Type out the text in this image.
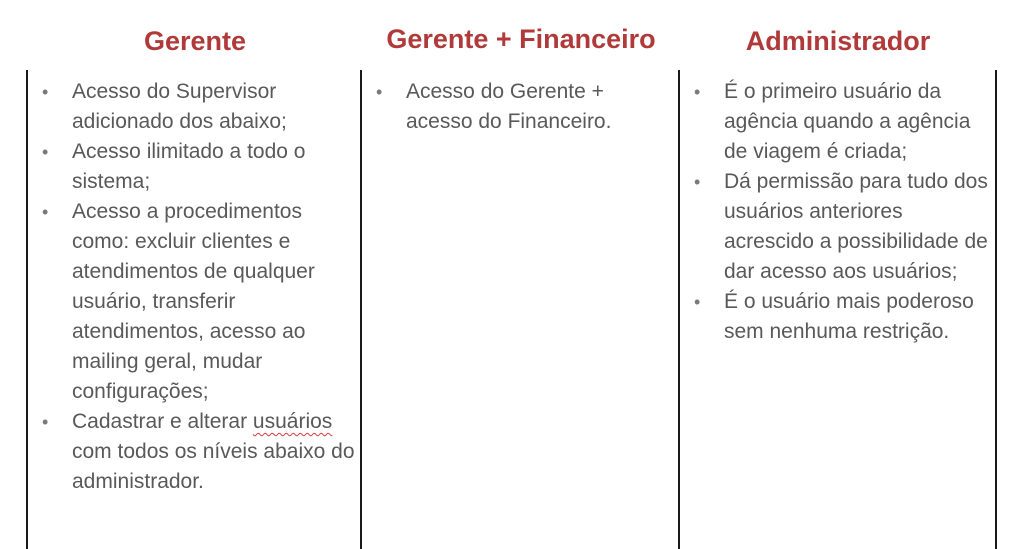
Gerente	Gerente + Financeiro	Administrador
• Acesso do Supervisor adicionado dos abaixo;
• Acesso ilimitado a todo o sistema;
• Acesso a procedimentos como: excluir clientes e atendimentos de qualquer usuário, transferir atendimentos, acesso ao mailing geral, mudar configurações;
• Cadastrar e alterar usuários com todos os níveis abaixo do administrador.
• Acesso do Gerente + acesso do Financeiro.
• É o primeiro usuário da agência quando a agência de viagem é criada;
• Dá permissão para tudo dos usuários anteriores acrescido a possibilidade de dar acesso aos usuários;
• É o usuário mais poderoso sem nenhuma restrição.
